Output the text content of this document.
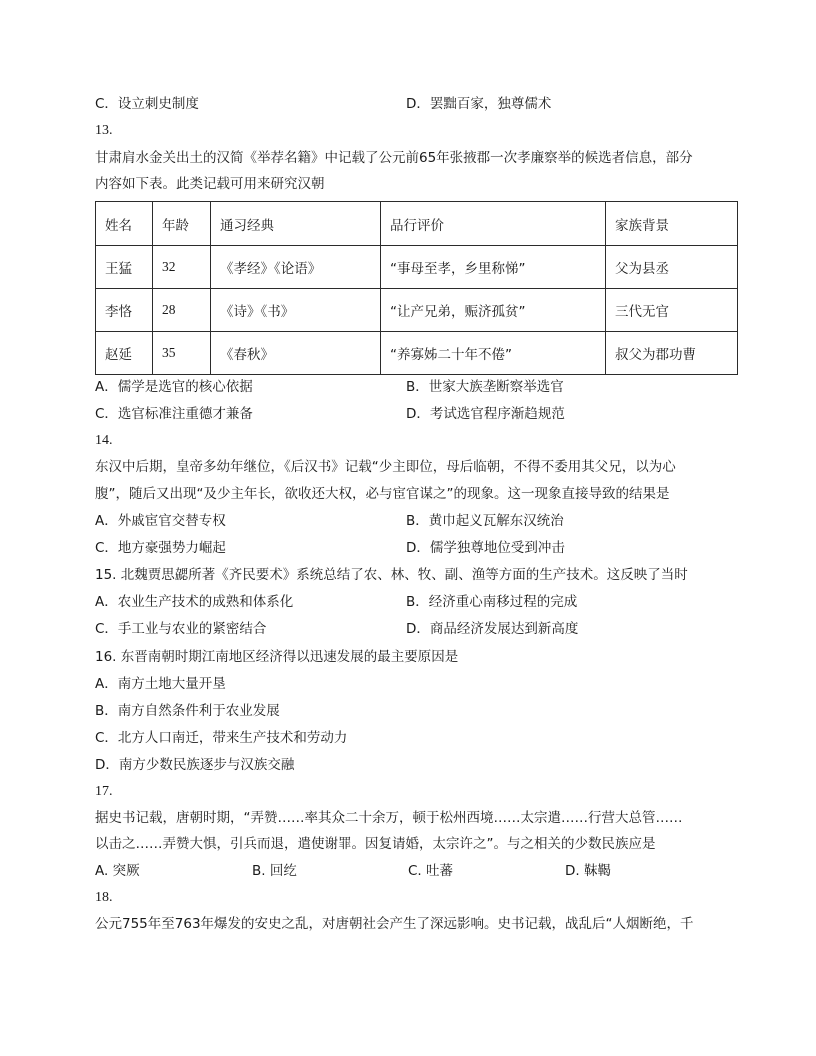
C．设立刺史制度	D．罢黜百家，独尊儒术
13.
甘肃肩水金关出土的汉简《举荐名籍》中记载了公元前65年张掖郡一次孝廉察举的候选者信息，部分
内容如下表。此类记载可用来研究汉朝
姓名	年龄	通习经典	品行评价	家族背景
王猛	32	《孝经》《论语》	“事母至孝，乡里称悌”	父为县丞
李恪	28	《诗》《书》	“让产兄弟，赈济孤贫”	三代无官
赵延	35	《春秋》	“养寡姊二十年不倦”	叔父为郡功曹
A．儒学是选官的核心依据	B．世家大族垄断察举选官
C．选官标准注重德才兼备	D．考试选官程序渐趋规范
14.
东汉中后期，皇帝多幼年继位，《后汉书》记载“少主即位，母后临朝，不得不委用其父兄，以为心
腹”，随后又出现“及少主年长，欲收还大权，必与宦官谋之”的现象。这一现象直接导致的结果是
A．外戚宦官交替专权	B．黄巾起义瓦解东汉统治
C．地方豪强势力崛起	D．儒学独尊地位受到冲击
15. 北魏贾思勰所著《齐民要术》系统总结了农、林、牧、副、渔等方面的生产技术。这反映了当时
A．农业生产技术的成熟和体系化	B．经济重心南移过程的完成
C．手工业与农业的紧密结合	D．商品经济发展达到新高度
16. 东晋南朝时期江南地区经济得以迅速发展的最主要原因是
A．南方土地大量开垦
B．南方自然条件利于农业发展
C．北方人口南迁，带来生产技术和劳动力
D．南方少数民族逐步与汉族交融
17.
据史书记载，唐朝时期，“弄赞……率其众二十余万，顿于松州西境……太宗遣……行营大总管……
以击之……弄赞大惧，引兵而退，遣使谢罪。因复请婚，太宗许之”。与之相关的少数民族应是
A. 突厥	B. 回纥	C. 吐蕃	D. 靺鞨
18.
公元755年至763年爆发的安史之乱，对唐朝社会产生了深远影响。史书记载，战乱后“人烟断绝，千
